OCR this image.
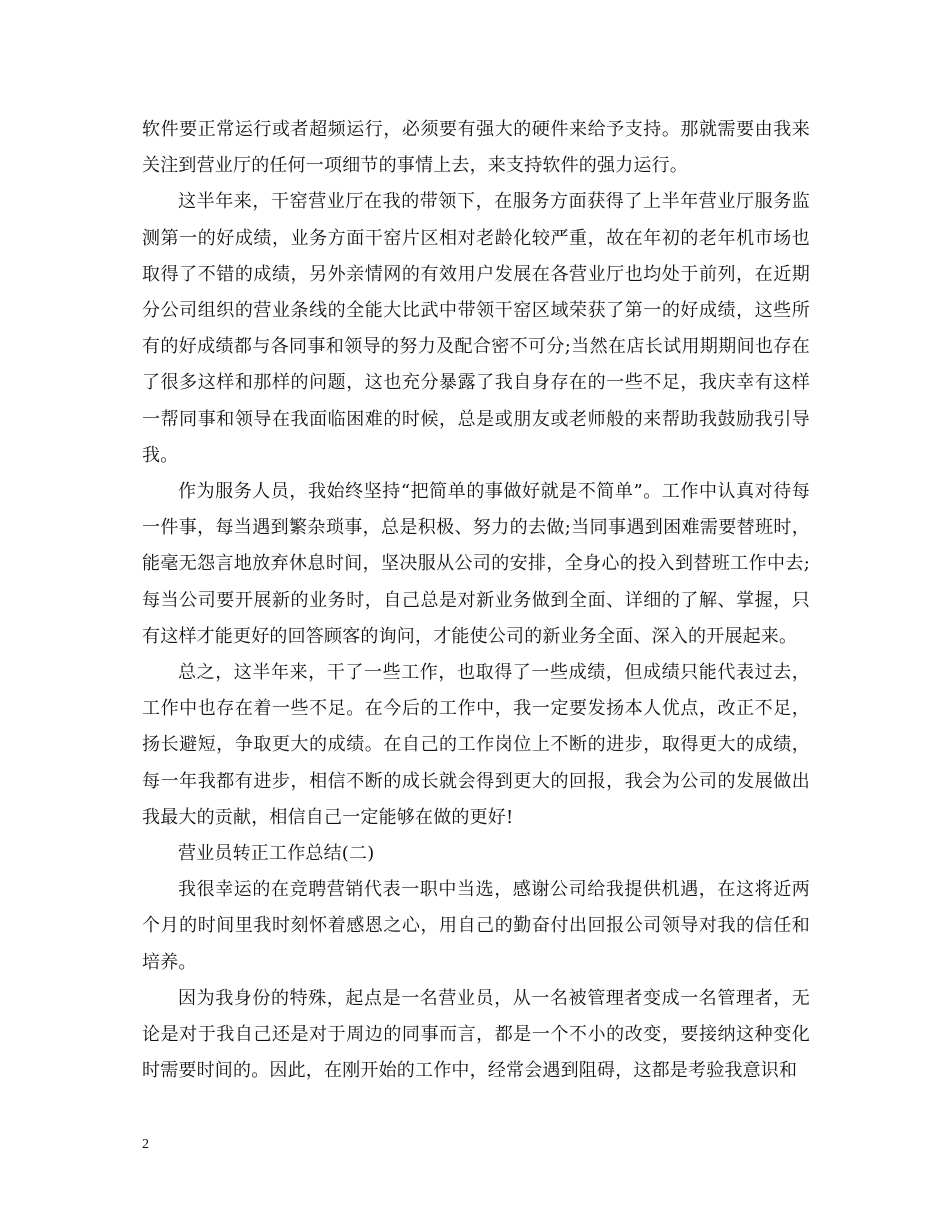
软件要正常运行或者超频运行，必须要有强大的硬件来给予支持。那就需要由我来关注到营业厅的任何一项细节的事情上去，来支持软件的强力运行。

这半年来，干窑营业厅在我的带领下，在服务方面获得了上半年营业厅服务监测第一的好成绩，业务方面干窑片区相对老龄化较严重，故在年初的老年机市场也取得了不错的成绩，另外亲情网的有效用户发展在各营业厅也均处于前列，在近期分公司组织的营业条线的全能大比武中带领干窑区域荣获了第一的好成绩，这些所有的好成绩都与各同事和领导的努力及配合密不可分;当然在店长试用期期间也存在了很多这样和那样的问题，这也充分暴露了我自身存在的一些不足，我庆幸有这样一帮同事和领导在我面临困难的时候，总是或朋友或老师般的来帮助我鼓励我引导我。

作为服务人员，我始终坚持“把简单的事做好就是不简单”。工作中认真对待每一件事，每当遇到繁杂琐事，总是积极、努力的去做;当同事遇到困难需要替班时，能毫无怨言地放弃休息时间，坚决服从公司的安排，全身心的投入到替班工作中去;每当公司要开展新的业务时，自己总是对新业务做到全面、详细的了解、掌握，只有这样才能更好的回答顾客的询问，才能使公司的新业务全面、深入的开展起来。

总之，这半年来，干了一些工作，也取得了一些成绩，但成绩只能代表过去，工作中也存在着一些不足。在今后的工作中，我一定要发扬本人优点，改正不足，扬长避短，争取更大的成绩。在自己的工作岗位上不断的进步，取得更大的成绩，每一年我都有进步，相信不断的成长就会得到更大的回报，我会为公司的发展做出我最大的贡献，相信自己一定能够在做的更好!

营业员转正工作总结(二)

我很幸运的在竞聘营销代表一职中当选，感谢公司给我提供机遇，在这将近两个月的时间里我时刻怀着感恩之心，用自己的勤奋付出回报公司领导对我的信任和培养。

因为我身份的特殊，起点是一名营业员，从一名被管理者变成一名管理者，无论是对于我自己还是对于周边的同事而言，都是一个不小的改变，要接纳这种变化时需要时间的。因此，在刚开始的工作中，经常会遇到阻碍，这都是考验我意识和

2
